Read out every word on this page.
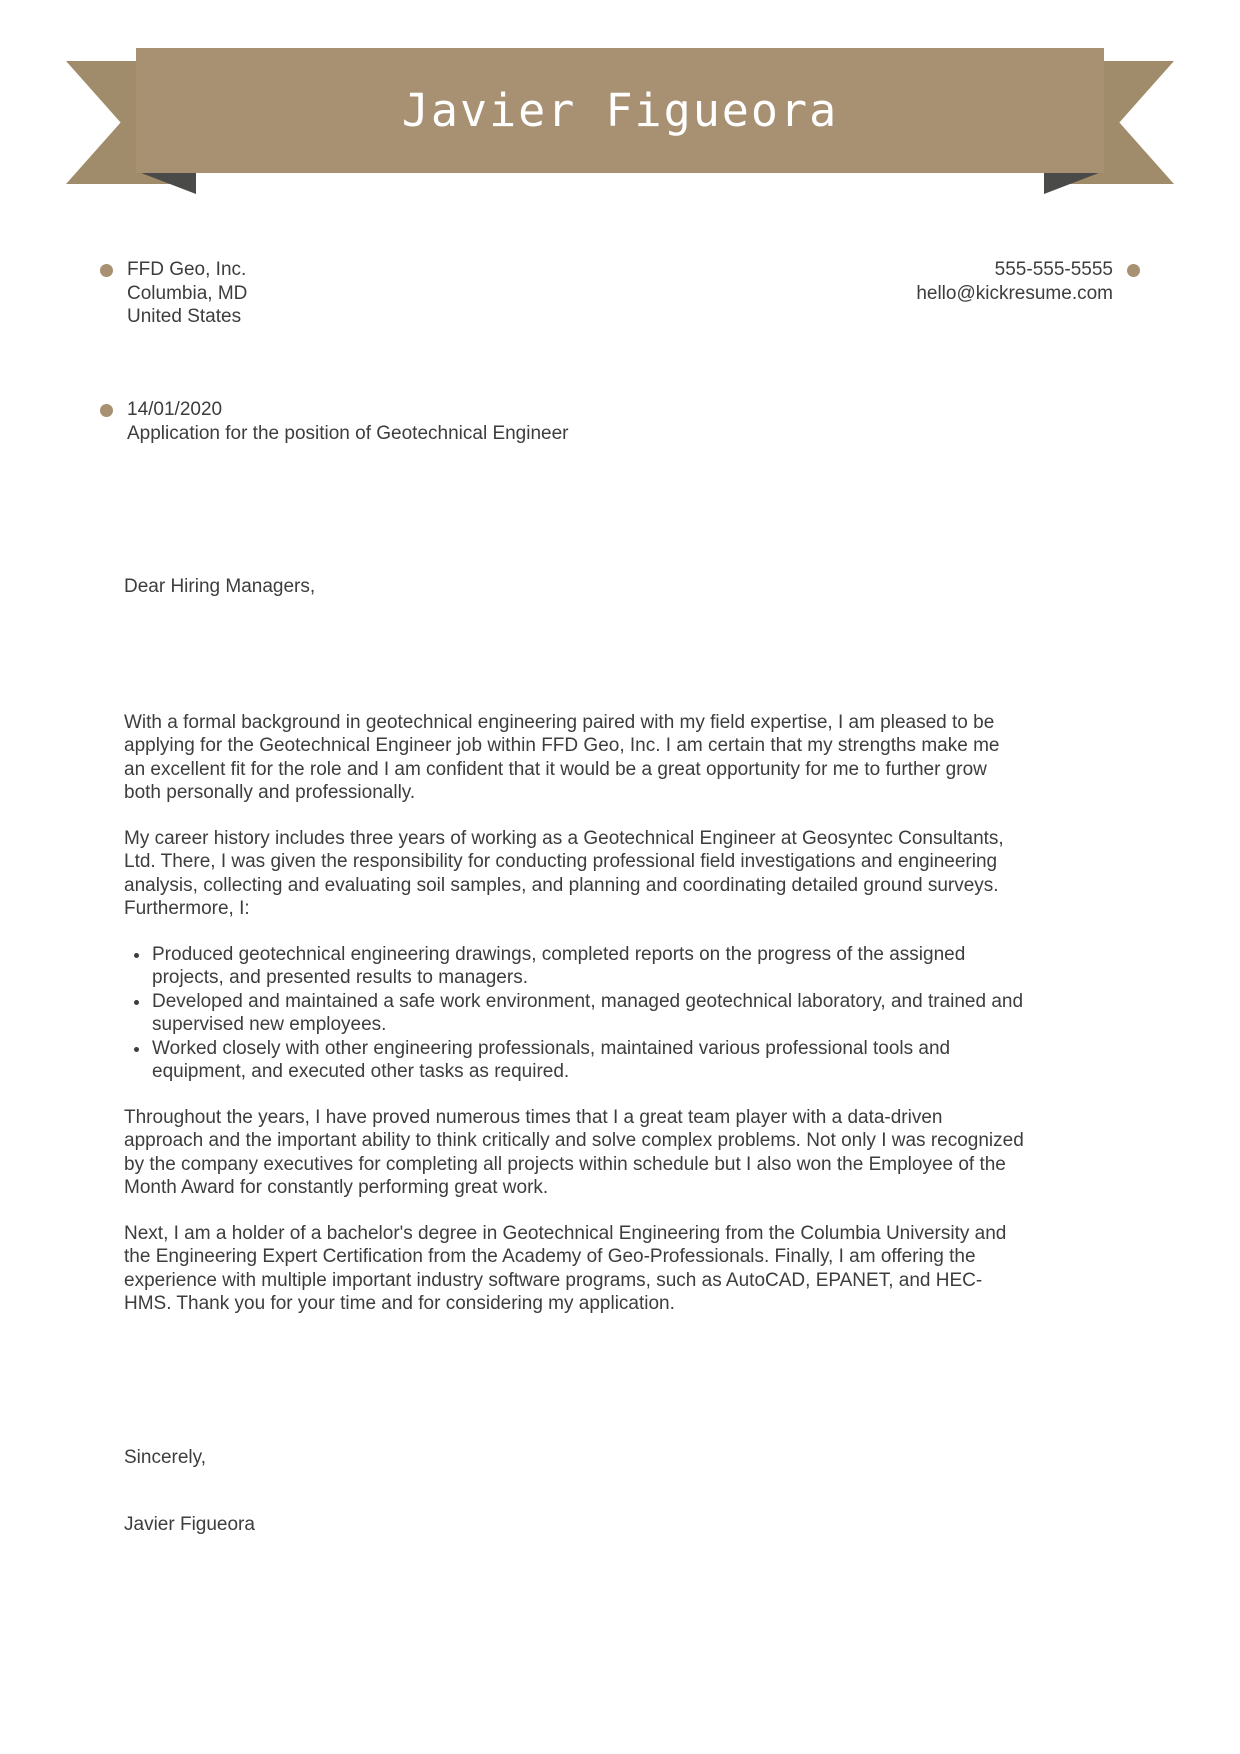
Javier Figueora
FFD Geo, Inc.
Columbia, MD
United States
555-555-5555
hello@kickresume.com
14/01/2020
Application for the position of Geotechnical Engineer

Dear Hiring Managers,

With a formal background in geotechnical engineering paired with my field expertise, I am pleased to be applying for the Geotechnical Engineer job within FFD Geo, Inc. I am certain that my strengths make me an excellent fit for the role and I am confident that it would be a great opportunity for me to further grow both personally and professionally.

My career history includes three years of working as a Geotechnical Engineer at Geosyntec Consultants, Ltd. There, I was given the responsibility for conducting professional field investigations and engineering analysis, collecting and evaluating soil samples, and planning and coordinating detailed ground surveys. Furthermore, I:

Produced geotechnical engineering drawings, completed reports on the progress of the assigned projects, and presented results to managers.
Developed and maintained a safe work environment, managed geotechnical laboratory, and trained and supervised new employees.
Worked closely with other engineering professionals, maintained various professional tools and equipment, and executed other tasks as required.

Throughout the years, I have proved numerous times that I a great team player with a data-driven approach and the important ability to think critically and solve complex problems. Not only I was recognized by the company executives for completing all projects within schedule but I also won the Employee of the Month Award for constantly performing great work.

Next, I am a holder of a bachelor's degree in Geotechnical Engineering from the Columbia University and the Engineering Expert Certification from the Academy of Geo-Professionals. Finally, I am offering the experience with multiple important industry software programs, such as AutoCAD, EPANET, and HEC-HMS. Thank you for your time and for considering my application.

Sincerely,

Javier Figueora
